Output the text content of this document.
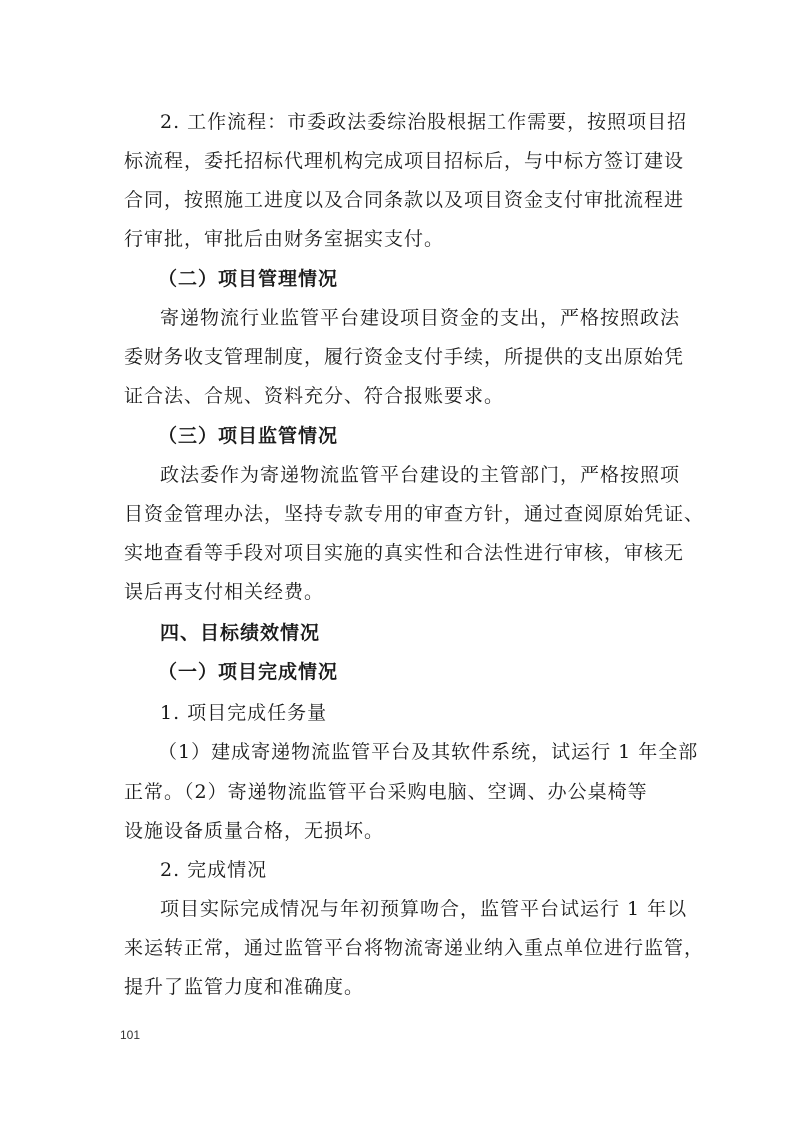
2. 工作流程：市委政法委综治股根据工作需要，按照项目招
标流程，委托招标代理机构完成项目招标后，与中标方签订建设
合同，按照施工进度以及合同条款以及项目资金支付审批流程进
行审批，审批后由财务室据实支付。
（二）项目管理情况
寄递物流行业监管平台建设项目资金的支出，严格按照政法
委财务收支管理制度，履行资金支付手续，所提供的支出原始凭
证合法、合规、资料充分、符合报账要求。
（三）项目监管情况
政法委作为寄递物流监管平台建设的主管部门，严格按照项
目资金管理办法，坚持专款专用的审查方针，通过查阅原始凭证、
实地查看等手段对项目实施的真实性和合法性进行审核，审核无
误后再支付相关经费。
四、目标绩效情况
（一）项目完成情况
1. 项目完成任务量
（1）建成寄递物流监管平台及其软件系统，试运行 1 年全部
正常。（2）寄递物流监管平台采购电脑、空调、办公桌椅等
设施设备质量合格，无损坏。
2. 完成情况
项目实际完成情况与年初预算吻合，监管平台试运行 1 年以
来运转正常，通过监管平台将物流寄递业纳入重点单位进行监管，
提升了监管力度和准确度。
101
